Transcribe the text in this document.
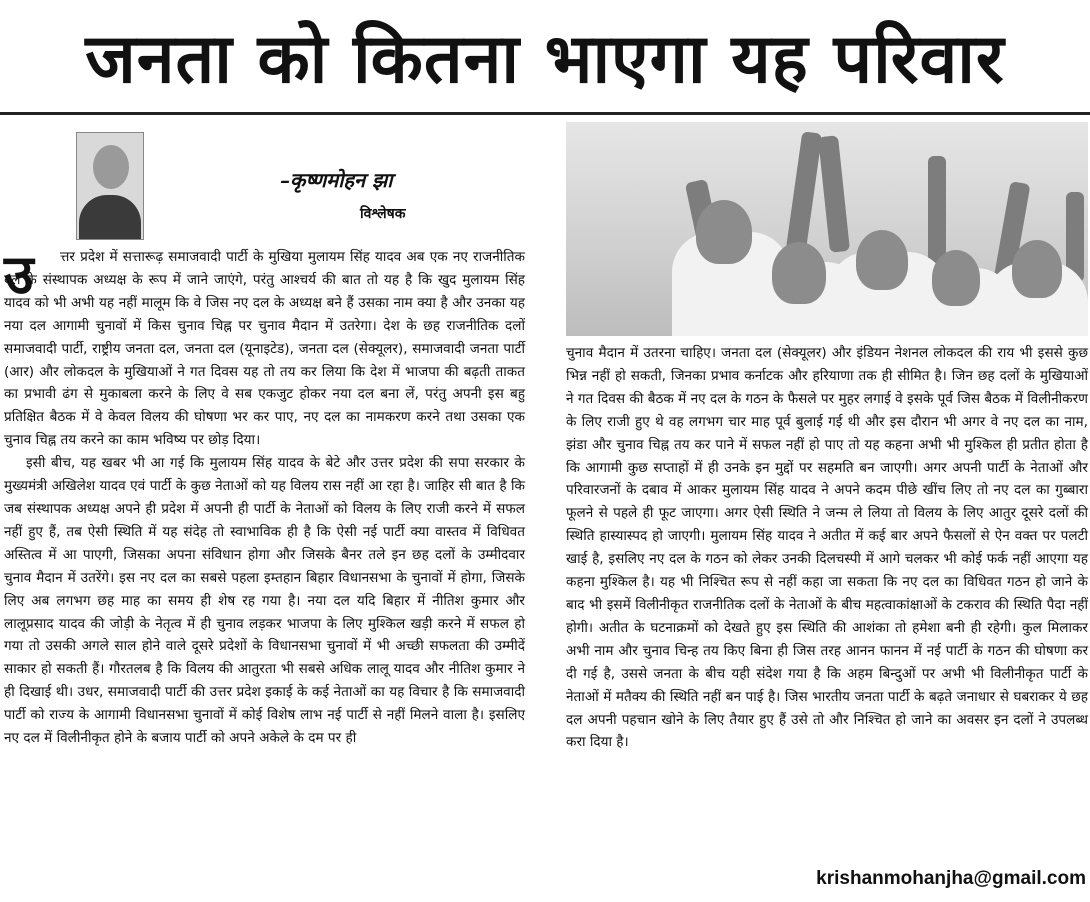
जनता को कितना भाएगा यह परिवार
–कृष्णमोहन झा
विश्लेषक
उ	त्तर प्रदेश में सत्तारूढ़ समाजवादी पार्टी के मुखिया मुलायम सिंह यादव अब एक नए राजनीतिक दल के संस्थापक अध्यक्ष के रूप में जाने जाएंगे, परंतु आश्चर्य की बात तो यह है कि खुद मुलायम सिंह यादव को भी अभी यह नहीं मालूम कि वे जिस नए दल के अध्यक्ष बने हैं उसका नाम क्या है और उनका यह नया दल आगामी चुनावों में किस चुनाव चिह्न पर चुनाव मैदान में उतरेगा। देश के छह राजनीतिक दलों समाजवादी पार्टी, राष्ट्रीय जनता दल, जनता दल (यूनाइटेड), जनता दल (सेक्यूलर), समाजवादी जनता पार्टी (आर) और लोकदल के मुखियाओं ने गत दिवस यह तो तय कर लिया कि देश में भाजपा की बढ़ती ताकत का प्रभावी ढंग से मुकाबला करने के लिए वे सब एकजुट होकर नया दल बना लें, परंतु अपनी इस बहु प्रतिक्षित बैठक में वे केवल विलय की घोषणा भर कर पाए, नए दल का नामकरण करने तथा उसका एक चुनाव चिह्न तय करने का काम भविष्य पर छोड़ दिया।

इसी बीच, यह खबर भी आ गई कि मुलायम सिंह यादव के बेटे और उत्तर प्रदेश की सपा सरकार के मुख्यमंत्री अखिलेश यादव एवं पार्टी के कुछ नेताओं को यह विलय रास नहीं आ रहा है। जाहिर सी बात है कि जब संस्थापक अध्यक्ष अपने ही प्रदेश में अपनी ही पार्टी के नेताओं को विलय के लिए राजी करने में सफल नहीं हुए हैं, तब ऐसी स्थिति में यह संदेह तो स्वाभाविक ही है कि ऐसी नई पार्टी क्या वास्तव में विधिवत अस्तित्व में आ पाएगी, जिसका अपना संविधान होगा और जिसके बैनर तले इन छह दलों के उम्मीदवार चुनाव मैदान में उतरेंगे। इस नए दल का सबसे पहला इम्तहान बिहार विधानसभा के चुनावों में होगा, जिसके लिए अब लगभग छह माह का समय ही शेष रह गया है। नया दल यदि बिहार में नीतिश कुमार और लालूप्रसाद यादव की जोड़ी के नेतृत्व में ही चुनाव लड़कर भाजपा के लिए मुश्किल खड़ी करने में सफल हो गया तो उसकी अगले साल होने वाले दूसरे प्रदेशों के विधानसभा चुनावों में भी अच्छी सफलता की उम्मीदें साकार हो सकती हैं। गौरतलब है कि विलय की आतुरता भी सबसे अधिक लालू यादव और नीतिश कुमार ने ही दिखाई थी। उधर, समाजवादी पार्टी की उत्तर प्रदेश इकाई के कई नेताओं का यह विचार है कि समाजवादी पार्टी को राज्य के आगामी विधानसभा चुनावों में कोई विशेष लाभ नई पार्टी से नहीं मिलने वाला है। इसलिए नए दल में विलीनीकृत होने के बजाय पार्टी को अपने अकेले के दम पर ही

चुनाव मैदान में उतरना चाहिए। जनता दल (सेक्यूलर) और इंडियन नेशनल लोकदल की राय भी इससे कुछ भिन्न नहीं हो सकती, जिनका प्रभाव कर्नाटक और हरियाणा तक ही सीमित है। जिन छह दलों के मुखियाओं ने गत दिवस की बैठक में नए दल के गठन के फैसले पर मुहर लगाई वे इसके पूर्व जिस बैठक में विलीनीकरण के लिए राजी हुए थे वह लगभग चार माह पूर्व बुलाई गई थी और इस दौरान भी अगर वे नए दल का नाम, झंडा और चुनाव चिह्न तय कर पाने में सफल नहीं हो पाए तो यह कहना अभी भी मुश्किल ही प्रतीत होता है कि आगामी कुछ सप्ताहों में ही उनके इन मुद्दों पर सहमति बन जाएगी। अगर अपनी पार्टी के नेताओं और परिवारजनों के दबाव में आकर मुलायम सिंह यादव ने अपने कदम पीछे खींच लिए तो नए दल का गुब्बारा फूलने से पहले ही फूट जाएगा। अगर ऐसी स्थिति ने जन्म ले लिया तो विलय के लिए आतुर दूसरे दलों की स्थिति हास्यास्पद हो जाएगी। मुलायम सिंह यादव ने अतीत में कई बार अपने फैसलों से ऐन वक्त पर पलटी खाई है, इसलिए नए दल के गठन को लेकर उनकी दिलचस्पी में आगे चलकर भी कोई फर्क नहीं आएगा यह कहना मुश्किल है। यह भी निश्चित रूप से नहीं कहा जा सकता कि नए दल का विधिवत गठन हो जाने के बाद भी इसमें विलीनीकृत राजनीतिक दलों के नेताओं के बीच महत्वाकांक्षाओं के टकराव की स्थिति पैदा नहीं होगी। अतीत के घटनाक्रमों को देखते हुए इस स्थिति की आशंका तो हमेशा बनी ही रहेगी। कुल मिलाकर अभी नाम और चुनाव चिन्ह तय किए बिना ही जिस तरह आनन फानन में नई पार्टी के गठन की घोषणा कर दी गई है, उससे जनता के बीच यही संदेश गया है कि अहम बिन्दुओं पर अभी भी विलीनीकृत पार्टी के नेताओं में मतैक्य की स्थिति नहीं बन पाई है। जिस भारतीय जनता पार्टी के बढ़ते जनाधार से घबराकर ये छह दल अपनी पहचान खोने के लिए तैयार हुए हैं उसे तो और निश्चित हो जाने का अवसर इन दलों ने उपलब्ध करा दिया है।

krishanmohanjha@gmail.com
